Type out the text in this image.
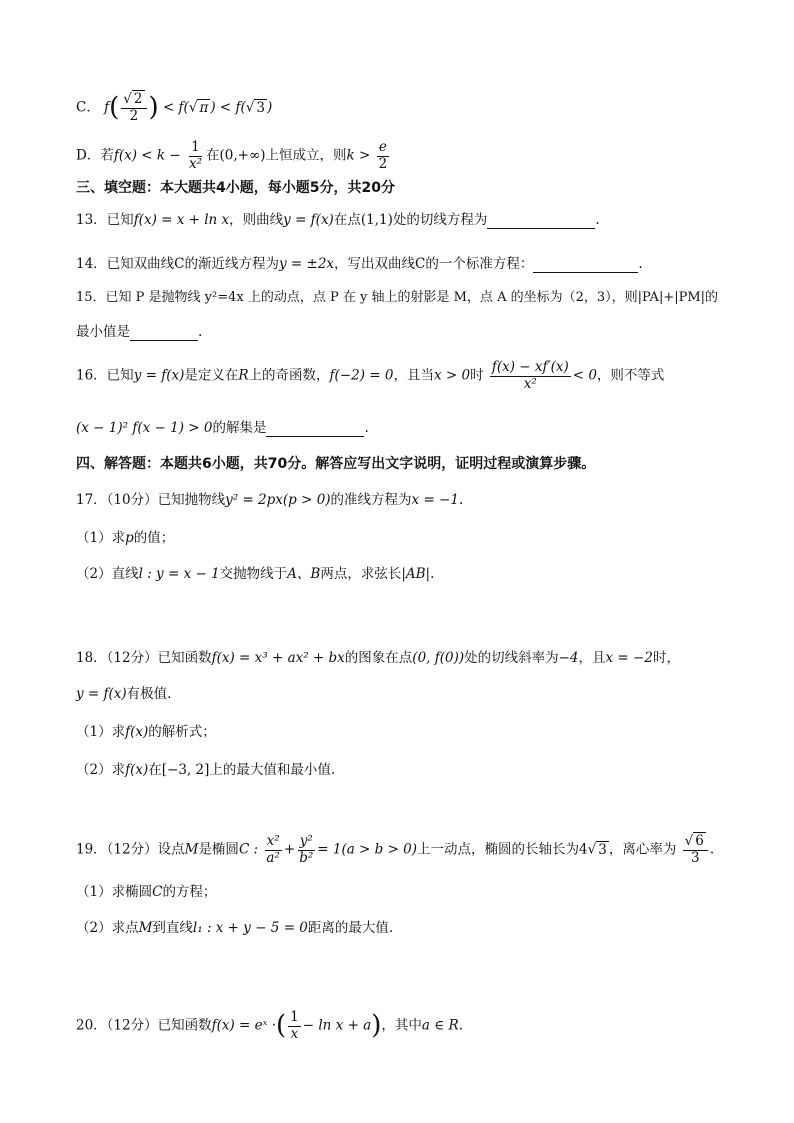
C． $f( \frac{√ 2}{2}$ ) < f(√ π ) < f(√ 3 )
D．若$f(x) < k - \frac{1}{\text{x²}}$ 在(0,+∞)上恒成立，则$k > \frac{e}{2}$
三、填空题：本大题共4小题，每小题5分，共20分
13．已知f(x) = x + ln x，则曲线y = f(x)在点(1,1)处的切线方程为	.
14．已知双曲线C的渐近线方程为y = ±2x，写出双曲线C的一个标准方程：	.
15．已知 P 是抛物线 y²=4x 上的动点，点 P 在 y 轴上的射影是 M，点 A 的坐标为（2，3），则|PA|+|PM|的
最小值是	.
16．已知y = f(x)是定义在R上的奇函数，f(−2) = 0，且当x > 0时 $\frac{f(x) - xf'(x)}{\text{x²}} < 0$，则不等式
(x − 1)² f(x − 1) > 0的解集是	.
四、解答题：本题共6小题，共70分。解答应写出文字说明，证明过程或演算步骤。
17．（10分）已知抛物线y² = 2px(p > 0)的准线方程为x = −1.
（1）求p的值；
（2）直线l : y = x − 1交抛物线于A、B两点，求弦长|AB|.
18．（12分）已知函数f(x) = x³ + ax² + bx的图象在点(0, f(0))处的切线斜率为−4，且x = −2时，
y = f(x)有极值.
（1）求f(x)的解析式；
（2）求f(x)在[−3, 2]上的最大值和最小值.
19．（12分）设点M是椭圆C : $\frac{\text{x²}}{\text{a²}} + \frac{\text{y²}}{\text{b²}} = 1(a > b > 0)$上一动点，椭圆的长轴长为4√ 3 ，离心率为 $\frac{√ 6}{3}$ .
（1）求椭圆C的方程；
（2）求点M到直线l₁ : x + y − 5 = 0距离的最大值.
20．（12分）已知函数f(x) = eˣ ·( $\frac{1}{x} - \ln x + a$)，其中a ∈ R.
